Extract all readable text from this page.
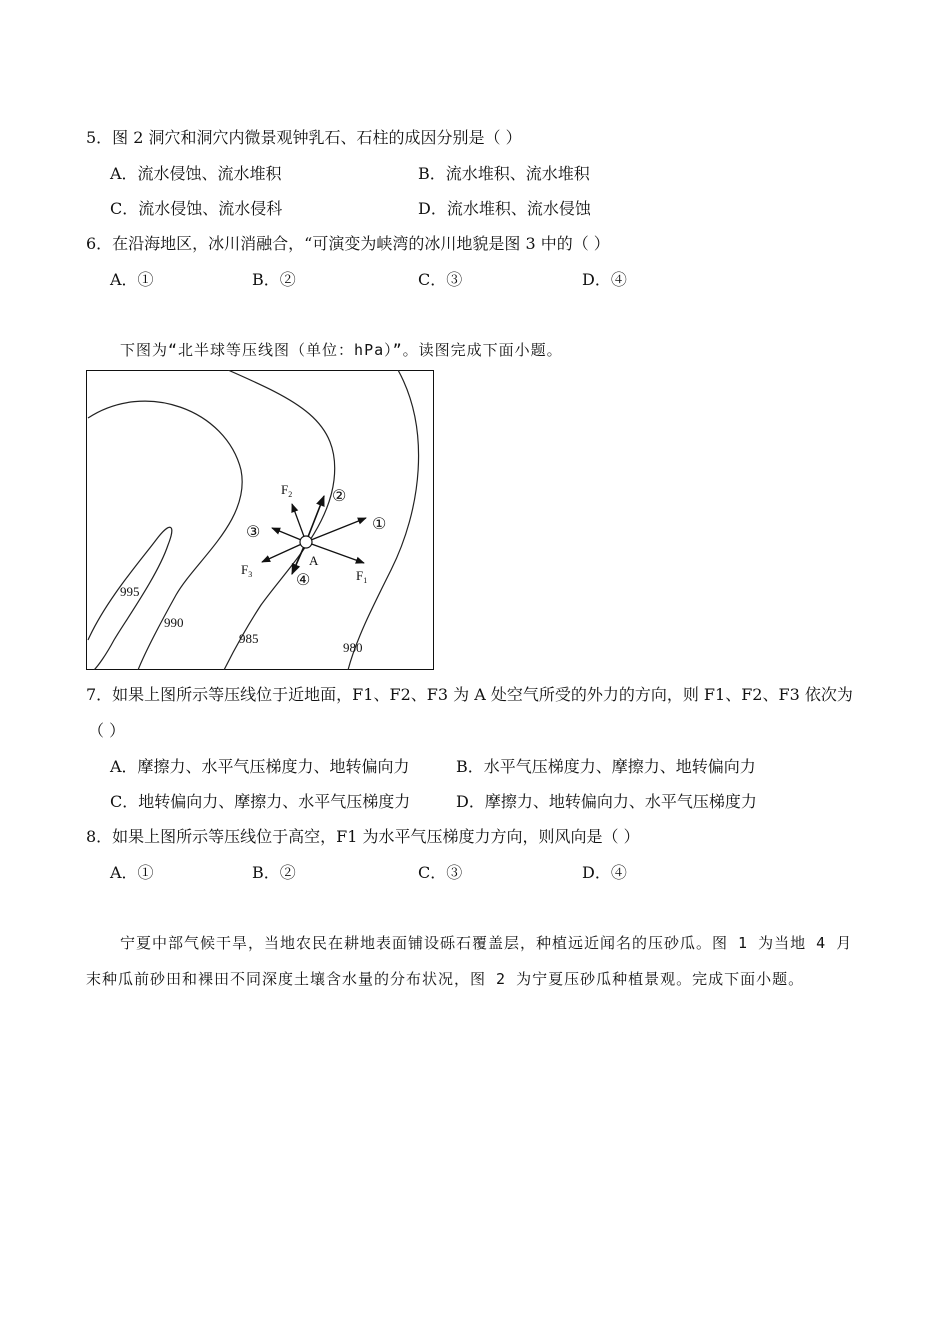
5．图 2 洞穴和洞穴内微景观钟乳石、石柱的成因分别是（ ）
A．流水侵蚀、流水堆积	B．流水堆积、流水堆积
C．流水侵蚀、流水侵科	D．流水堆积、流水侵蚀
6．在沿海地区，冰川消融合，“可演变为峡湾的冰川地貌是图 3 中的（ ）
A．①	B．②	C．③	D．④
下图为“北半球等压线图（单位：hPa）”。读图完成下面小题。
995
990
985
980
A
①
②
③
④
$F_2$
$F_3$	$F_1$
7．如果上图所示等压线位于近地面，F1、F2、F3 为 A 处空气所受的外力的方向，则 F1、F2、F3 依次为
（ ）
A．摩擦力、水平气压梯度力、地转偏向力	B．水平气压梯度力、摩擦力、地转偏向力
C．地转偏向力、摩擦力、水平气压梯度力	D．摩擦力、地转偏向力、水平气压梯度力
8．如果上图所示等压线位于高空，F1 为水平气压梯度力方向，则风向是（ ）
A．①	B．②	C．③	D．④
宁夏中部气候干旱，当地农民在耕地表面铺设砾石覆盖层，种植远近闻名的压砂瓜。图 1 为当地 4 月
末种瓜前砂田和裸田不同深度土壤含水量的分布状况，图 2 为宁夏压砂瓜种植景观。完成下面小题。
